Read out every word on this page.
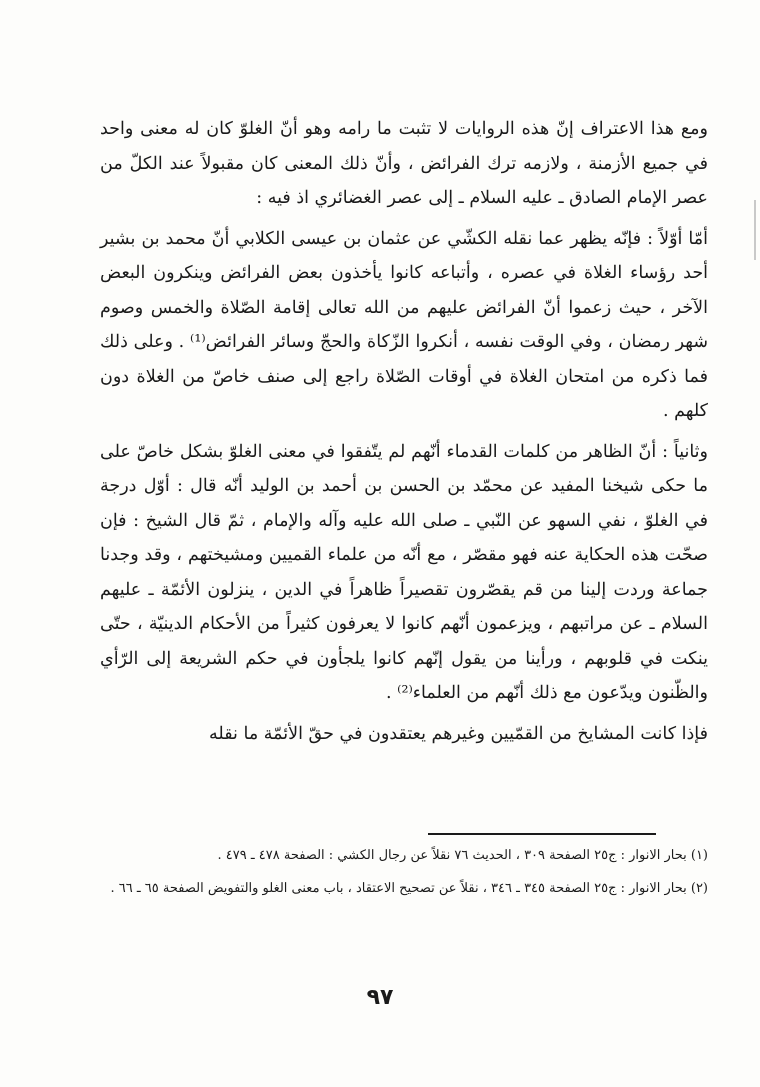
ومع هذا الاعتراف إنّ هذه الروايات لا تثبت ما رامه وهو أنّ الغلوّ كان له معنى واحد في جميع الأزمنة ، ولازمه ترك الفرائض ، وأنّ ذلك المعنى كان مقبولاً عند الكلّ من عصر الإمام الصادق ـ عليه السلام ـ إلى عصر الغضائري اذ فيه :

أمّا أوّلاً : فإنّه يظهر عما نقله الكشّي عن عثمان بن عيسى الكلابي أنّ محمد بن بشير أحد رؤساء الغلاة في عصره ، وأتباعه كانوا يأخذون بعض الفرائض وينكرون البعض الآخر ، حيث زعموا أنّ الفرائض عليهم من الله تعالى إقامة الصّلاة والخمس وصوم شهر رمضان ، وفي الوقت نفسه ، أنكروا الزّكاة والحجّ وسائر الفرائض⁽¹⁾ . وعلى ذلك فما ذكره من امتحان الغلاة في أوقات الصّلاة راجع إلى صنف خاصّ من الغلاة دون كلهم .

وثانياً : أنّ الظاهر من كلمات القدماء أنّهم لم يتّفقوا في معنى الغلوّ بشكل خاصّ على ما حكى شيخنا المفيد عن محمّد بن الحسن بن أحمد بن الوليد أنّه قال : أوّل درجة في الغلوّ ، نفي السهو عن النّبي ـ صلى الله عليه وآله والإمام ، ثمّ قال الشيخ : فإن صحّت هذه الحكاية عنه فهو مقصّر ، مع أنّه من علماء القميين ومشيختهم ، وقد وجدنا جماعة وردت إلينا من قم يقصّرون تقصيراً ظاهراً في الدين ، ينزلون الأئمّة ـ عليهم السلام ـ عن مراتبهم ، ويزعمون أنّهم كانوا لا يعرفون كثيراً من الأحكام الدينيّة ، حتّى ينكت في قلوبهم ، ورأينا من يقول إنّهم كانوا يلجأون في حكم الشريعة إلى الرّأي والظّنون ويدّعون مع ذلك أنّهم من العلماء⁽²⁾ .

فإذا كانت المشايخ من القمّيين وغيرهم يعتقدون في حقّ الأئمّة ما نقله

(١) بحار الانوار : ج٢٥ الصفحة ٣٠٩ ، الحديث ٧٦ نقلاً عن رجال الكشي : الصفحة ٤٧٨ ـ ٤٧٩ .

(٢) بحار الانوار : ج٢٥ الصفحة ٣٤٥ ـ ٣٤٦ ، نقلاً عن تصحيح الاعتقاد ، باب معنى الغلو والتفويض الصفحة ٦٥ ـ ٦٦ .

٩٧
